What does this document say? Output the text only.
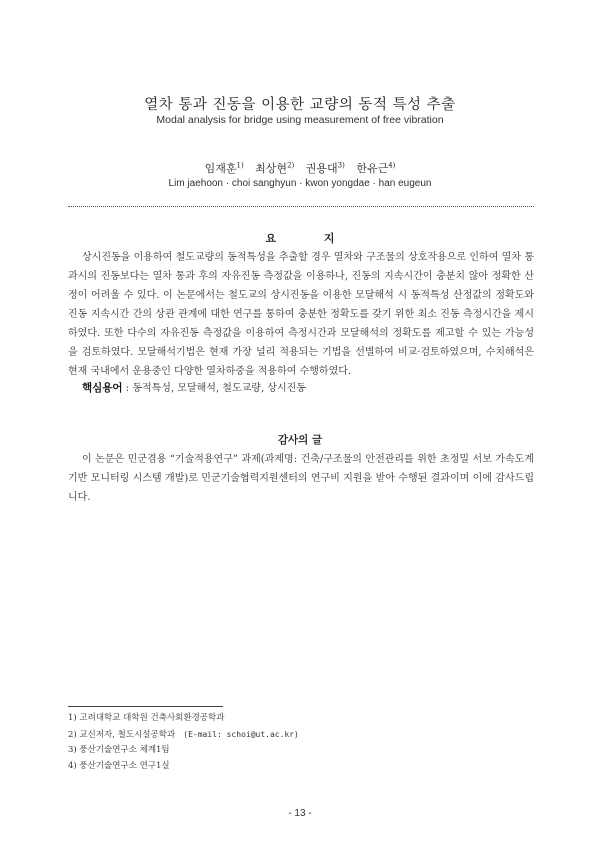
열차 통과 진동을 이용한 교량의 동적 특성 추출
Modal analysis for bridge using measurement of free vibration
임재훈$^{1)}$ 최상현$^{2)}$ 권용대$^{3)}$ 한유근$^{4)}$
Lim jaehoon · choi sanghyun · kwon yongdae · han eugeun
요 지
상시진동을 이용하여 철도교량의 동적특성을 추출할 경우 열차와 구조물의 상호작용으로 인하여 열차 통과시의 진동보다는 열차 통과 후의 자유진동 측정값을 이용하나, 진동의 지속시간이 충분치 않아 정확한 산정이 어려울 수 있다. 이 논문에서는 철도교의 상시진동을 이용한 모달해석 시 동적특성 산정값의 정확도와 진동 지속시간 간의 상관 관계에 대한 연구를 통하여 충분한 정확도를 갖기 위한 최소 진동 측정시간을 제시하였다. 또한 다수의 자유진동 측정값을 이용하여 측정시간과 모달해석의 정확도를 제고할 수 있는 가능성을 검토하였다. 모달해석기법은 현재 가장 널리 적용되는 기법을 선별하여 비교·검토하였으며, 수치해석은 현재 국내에서 운용중인 다양한 열차하중을 적용하여 수행하였다.
핵심용어 : 동적특성, 모달해석, 철도교량, 상시진동
감사의 글
이 논문은 민군겸용 “기술적용연구” 과제(과제명: 건축/구조물의 안전관리를 위한 초정밀 서보 가속도계 기반 모니터링 시스템 개발)로 민군기술협력지원센터의 연구비 지원을 받아 수행된 결과이며 이에 감사드립니다.
1) 고려대학교 대학원 건축사회환경공학과
2) 교신저자, 철도시설공학과 (E-mail: schoi@ut.ac.kr)
3) 풍산기술연구소 체계1팀
4) 풍산기술연구소 연구1실
- 13 -
